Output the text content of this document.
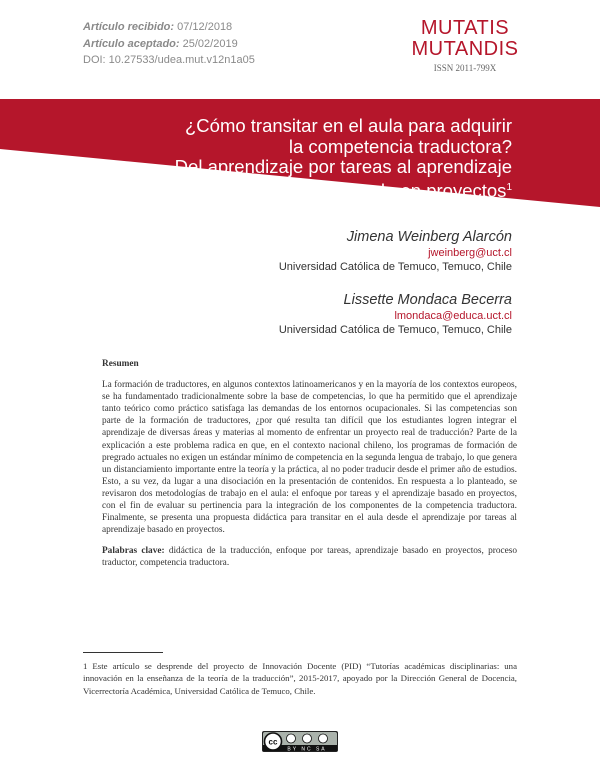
Artículo recibido: 07/12/2018
Artículo aceptado: 25/02/2019
DOI: 10.27533/udea.mut.v12n1a05
MUTATIS
MUTANDIS
ISSN 2011-799X
¿Cómo transitar en el aula para adquirir
la competencia traductora?
Del aprendizaje por tareas al aprendizaje
basado en proyectos$^1$
Jimena Weinberg Alarcón
jweinberg@uct.cl
Universidad Católica de Temuco, Temuco, Chile
Lissette Mondaca Becerra
lmondaca@educa.uct.cl
Universidad Católica de Temuco, Temuco, Chile
Resumen

La formación de traductores, en algunos contextos latinoamericanos y en la mayoría de los contextos europeos, se ha fundamentado tradicionalmente sobre la base de competencias, lo que ha permitido que el aprendizaje tanto teórico como práctico satisfaga las demandas de los entornos ocupacionales. Si las competencias son parte de la formación de traductores, ¿por qué resulta tan difícil que los estudiantes logren integrar el aprendizaje de diversas áreas y materias al momento de enfrentar un proyecto real de traducción? Parte de la explicación a este problema radica en que, en el contexto nacional chileno, los programas de formación de pregrado actuales no exigen un estándar mínimo de competencia en la segunda lengua de trabajo, lo que genera un distanciamiento importante entre la teoría y la práctica, al no poder traducir desde el primer año de estudios. Esto, a su vez, da lugar a una disociación en la presentación de contenidos. En respuesta a lo planteado, se revisaron dos metodologías de trabajo en el aula: el enfoque por tareas y el aprendizaje basado en proyectos, con el fin de evaluar su pertinencia para la integración de los componentes de la competencia traductora. Finalmente, se presenta una propuesta didáctica para transitar en el aula desde el aprendizaje por tareas al aprendizaje basado en proyectos.

Palabras clave: didáctica de la traducción, enfoque por tareas, aprendizaje basado en proyectos, proceso traductor, competencia traductora.

1 Este artículo se desprende del proyecto de Innovación Docente (PID) “Tutorías académicas disciplinarias: una innovación en la enseñanza de la teoría de la traducción”, 2015-2017, apoyado por la Dirección General de Docencia, Vicerrectoría Académica, Universidad Católica de Temuco, Chile.
cc
BY NC SA
